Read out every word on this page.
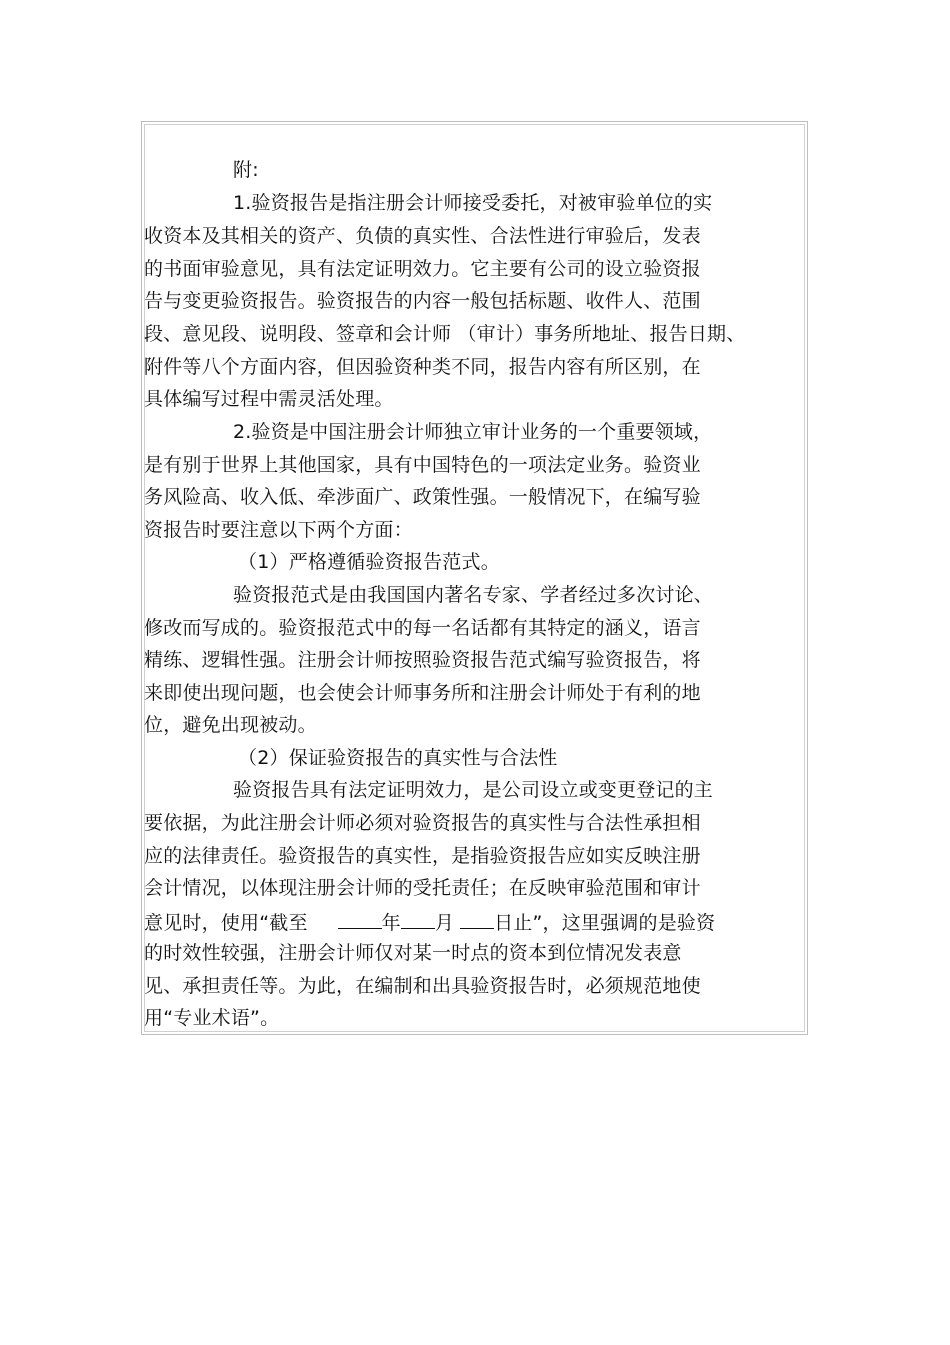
附:
1.验资报告是指注册会计师接受委托，对被审验单位的实
收资本及其相关的资产、负债的真实性、合法性进行审验后，发表
的书面审验意见，具有法定证明效力。它主要有公司的设立验资报
告与变更验资报告。验资报告的内容一般包括标题、收件人、范围
段、意见段、说明段、签章和会计师 （审计）事务所地址、报告日期、
附件等八个方面内容，但因验资种类不同，报告内容有所区别，在
具体编写过程中需灵活处理。
2.验资是中国注册会计师独立审计业务的一个重要领域，
是有别于世界上其他国家，具有中国特色的一项法定业务。验资业
务风险高、收入低、牵涉面广、政策性强。一般情况下，在编写验
资报告时要注意以下两个方面：
（1）严格遵循验资报告范式。
验资报范式是由我国国内著名专家、学者经过多次讨论、
修改而写成的。验资报范式中的每一名话都有其特定的涵义，语言
精练、逻辑性强。注册会计师按照验资报告范式编写验资报告，将
来即使出现问题，也会使会计师事务所和注册会计师处于有利的地
位，避免出现被动。
（2）保证验资报告的真实性与合法性
验资报告具有法定证明效力，是公司设立或变更登记的主
要依据，为此注册会计师必须对验资报告的真实性与合法性承担相
应的法律责任。验资报告的真实性，是指验资报告应如实反映注册
会计情况，以体现注册会计师的受托责任；在反映审验范围和审计
意见时，使用“截至	年 月 日止”，这里强调的是验资
的时效性较强，注册会计师仅对某一时点的资本到位情况发表意
见、承担责任等。为此，在编制和出具验资报告时，必须规范地使
用“专业术语”。
